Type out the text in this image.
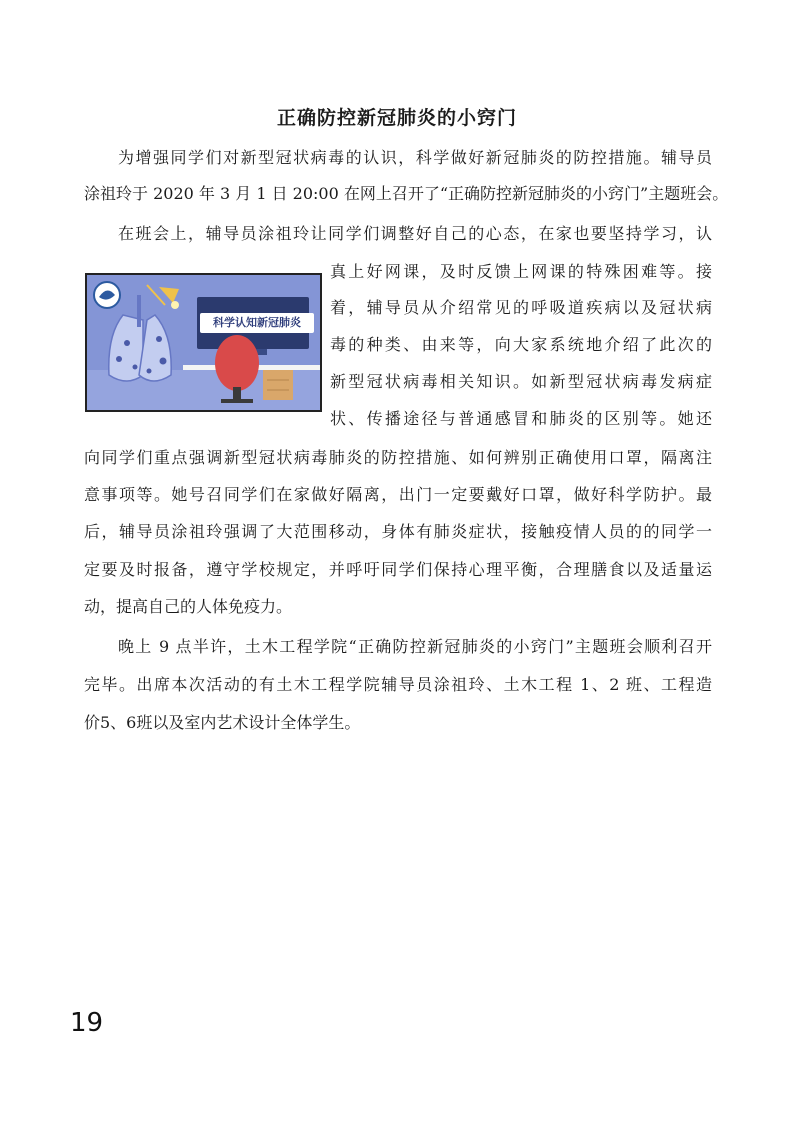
正确防控新冠肺炎的小窍门
为增强同学们对新型冠状病毒的认识，科学做好新冠肺炎的防控措施。辅导员
涂祖玲于 2020 年 3 月 1 日 20:00 在网上召开了“正确防控新冠肺炎的小窍门”主题班会。
在班会上，辅导员涂祖玲让同学们调整好自己的心态，在家也要坚持学习，认
真上好网课，及时反馈上网课的特殊困难等。接
着，辅导员从介绍常见的呼吸道疾病以及冠状病
毒的种类、由来等，向大家系统地介绍了此次的
新型冠状病毒相关知识。如新型冠状病毒发病症
状、传播途径与普通感冒和肺炎的区别等。她还
向同学们重点强调新型冠状病毒肺炎的防控措施、如何辨别正确使用口罩，隔离注
意事项等。她号召同学们在家做好隔离，出门一定要戴好口罩，做好科学防护。最
后，辅导员涂祖玲强调了大范围移动，身体有肺炎症状，接触疫情人员的的同学一
定要及时报备，遵守学校规定，并呼吁同学们保持心理平衡，合理膳食以及适量运
动，提高自己的人体免疫力。
晚上 9 点半许，土木工程学院“正确防控新冠肺炎的小窍门”主题班会顺利召开
完毕。出席本次活动的有土木工程学院辅导员涂祖玲、土木工程 1、2 班、工程造
价5、6班以及室内艺术设计全体学生。
科学认知新冠肺炎
19
